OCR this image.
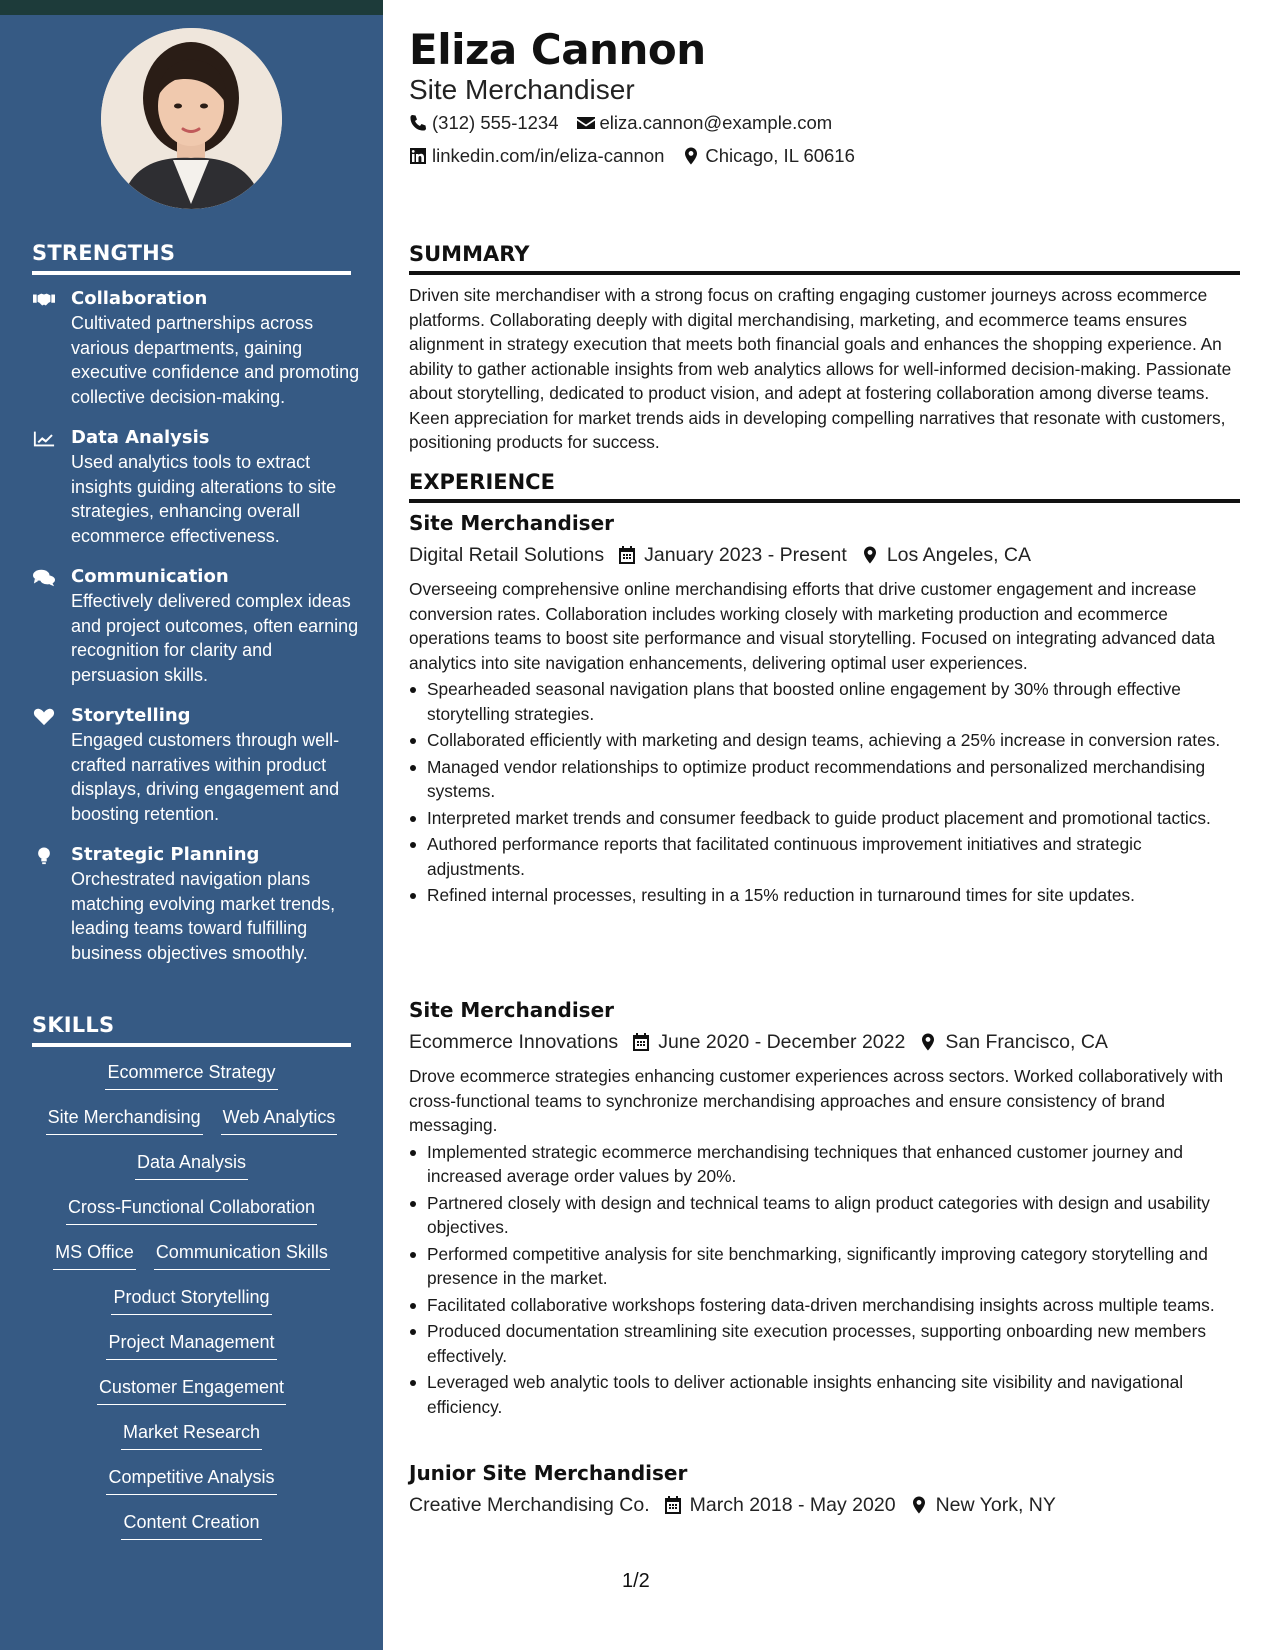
STRENGTHS
Collaboration
Cultivated partnerships across various departments, gaining executive confidence and promoting collective decision-making.
Data Analysis
Used analytics tools to extract insights guiding alterations to site strategies, enhancing overall ecommerce effectiveness.
Communication
Effectively delivered complex ideas and project outcomes, often earning recognition for clarity and persuasion skills.
Storytelling
Engaged customers through well-crafted narratives within product displays, driving engagement and boosting retention.
Strategic Planning
Orchestrated navigation plans matching evolving market trends, leading teams toward fulfilling business objectives smoothly.
SKILLS
Ecommerce Strategy
Site Merchandising Web Analytics
Data Analysis
Cross-Functional Collaboration
MS Office Communication Skills
Product Storytelling
Project Management
Customer Engagement
Market Research
Competitive Analysis
Content Creation
Eliza Cannon
Site Merchandiser
(312) 555-1234 eliza.cannon@example.com
linkedin.com/in/eliza-cannon Chicago, IL 60616
SUMMARY
Driven site merchandiser with a strong focus on crafting engaging customer journeys across ecommerce platforms. Collaborating deeply with digital merchandising, marketing, and ecommerce teams ensures alignment in strategy execution that meets both financial goals and enhances the shopping experience. An ability to gather actionable insights from web analytics allows for well-informed decision-making. Passionate about storytelling, dedicated to product vision, and adept at fostering collaboration among diverse teams. Keen appreciation for market trends aids in developing compelling narratives that resonate with customers, positioning products for success.
EXPERIENCE
Site Merchandiser
Digital Retail Solutions January 2023 - Present Los Angeles, CA
Overseeing comprehensive online merchandising efforts that drive customer engagement and increase conversion rates. Collaboration includes working closely with marketing production and ecommerce operations teams to boost site performance and visual storytelling. Focused on integrating advanced data analytics into site navigation enhancements, delivering optimal user experiences.
Spearheaded seasonal navigation plans that boosted online engagement by 30% through effective storytelling strategies.
Collaborated efficiently with marketing and design teams, achieving a 25% increase in conversion rates.
Managed vendor relationships to optimize product recommendations and personalized merchandising systems.
Interpreted market trends and consumer feedback to guide product placement and promotional tactics.
Authored performance reports that facilitated continuous improvement initiatives and strategic adjustments.
Refined internal processes, resulting in a 15% reduction in turnaround times for site updates.
Site Merchandiser
Ecommerce Innovations June 2020 - December 2022 San Francisco, CA
Drove ecommerce strategies enhancing customer experiences across sectors. Worked collaboratively with cross-functional teams to synchronize merchandising approaches and ensure consistency of brand messaging.
Implemented strategic ecommerce merchandising techniques that enhanced customer journey and increased average order values by 20%.
Partnered closely with design and technical teams to align product categories with design and usability objectives.
Performed competitive analysis for site benchmarking, significantly improving category storytelling and presence in the market.
Facilitated collaborative workshops fostering data-driven merchandising insights across multiple teams.
Produced documentation streamlining site execution processes, supporting onboarding new members effectively.
Leveraged web analytic tools to deliver actionable insights enhancing site visibility and navigational efficiency.
Junior Site Merchandiser
Creative Merchandising Co. March 2018 - May 2020 New York, NY
1/2
